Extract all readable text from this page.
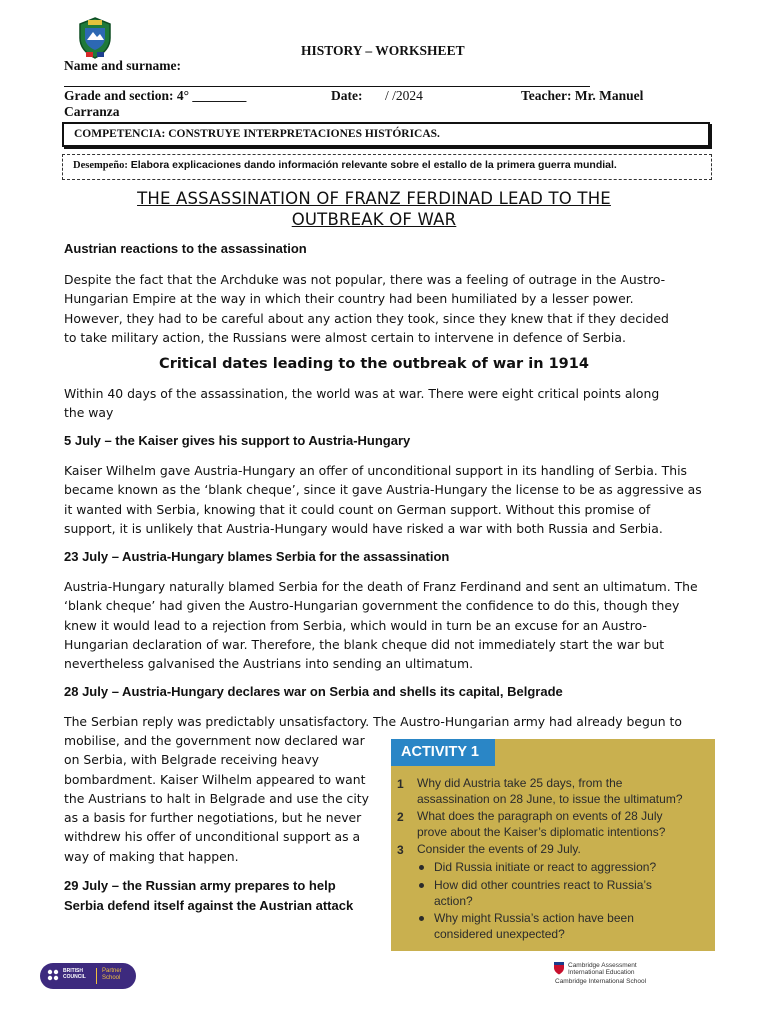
HISTORY – WORKSHEET
Name and surname:
Grade and section: 4° ________	Date: / /2024	Teacher: Mr. Manuel
Carranza
COMPETENCIA: CONSTRUYE INTERPRETACIONES HISTÓRICAS.
Desempeño: Elabora explicaciones dando información relevante sobre el estallo de la primera guerra mundial.
THE ASSASSINATION OF FRANZ FERDINAD LEAD TO THE
OUTBREAK OF WAR
Austrian reactions to the assassination
Despite the fact that the Archduke was not popular, there was a feeling of outrage in the Austro-
Hungarian Empire at the way in which their country had been humiliated by a lesser power.
However, they had to be careful about any action they took, since they knew that if they decided
to take military action, the Russians were almost certain to intervene in defence of Serbia.
Critical dates leading to the outbreak of war in 1914
Within 40 days of the assassination, the world was at war. There were eight critical points along
the way
5 July – the Kaiser gives his support to Austria-Hungary
Kaiser Wilhelm gave Austria-Hungary an offer of unconditional support in its handling of Serbia. This
became known as the ‘blank cheque’, since it gave Austria-Hungary the license to be as aggressive as
it wanted with Serbia, knowing that it could count on German support. Without this promise of
support, it is unlikely that Austria-Hungary would have risked a war with both Russia and Serbia.
23 July – Austria-Hungary blames Serbia for the assassination
Austria-Hungary naturally blamed Serbia for the death of Franz Ferdinand and sent an ultimatum. The
‘blank cheque’ had given the Austro-Hungarian government the confidence to do this, though they
knew it would lead to a rejection from Serbia, which would in turn be an excuse for an Austro-
Hungarian declaration of war. Therefore, the blank cheque did not immediately start the war but
nevertheless galvanised the Austrians into sending an ultimatum.
28 July – Austria-Hungary declares war on Serbia and shells its capital, Belgrade
The Serbian reply was predictably unsatisfactory. The Austro-Hungarian army had already begun to
mobilise, and the government now declared war
on Serbia, with Belgrade receiving heavy
bombardment. Kaiser Wilhelm appeared to want
the Austrians to halt in Belgrade and use the city
as a basis for further negotiations, but he never
withdrew his offer of unconditional support as a
way of making that happen.
29 July – the Russian army prepares to help
Serbia defend itself against the Austrian attack
ACTIVITY 1
1 Why did Austria take 25 days, from the
assassination on 28 June, to issue the ultimatum?
2 What does the paragraph on events of 28 July
prove about the Kaiser’s diplomatic intentions?
3 Consider the events of 29 July.
Did Russia initiate or react to aggression?
How did other countries react to Russia’s
action?
Why might Russia’s action have been
considered unexpected?
BRITISH
COUNCIL
Partner
School
Cambridge Assessment
International Education
Cambridge International School
